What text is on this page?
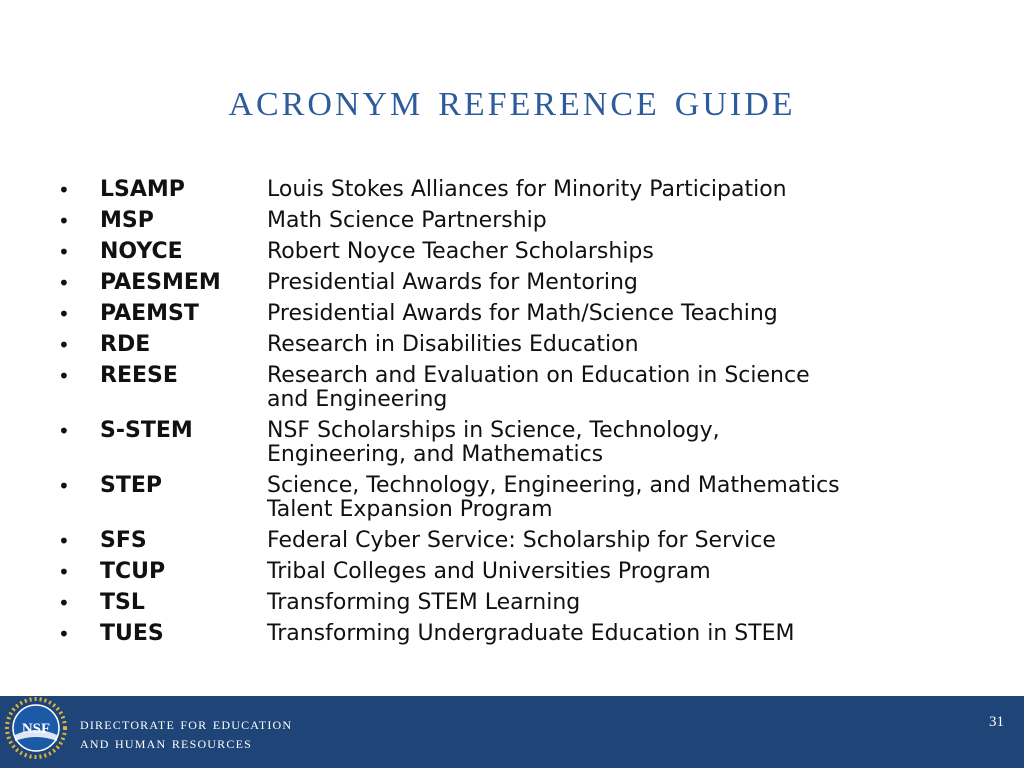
acronym reference guide
• LSAMP	Louis Stokes Alliances for Minority Participation
• MSP	Math Science Partnership
• NOYCE	Robert Noyce Teacher Scholarships
• PAESMEM	Presidential Awards for Mentoring
• PAEMST	Presidential Awards for Math/Science Teaching
• RDE	Research in Disabilities Education
• REESE	Research and Evaluation on Education in Science
and Engineering
• S-STEM	NSF Scholarships in Science, Technology,
Engineering, and Mathematics
• STEP	Science, Technology, Engineering, and Mathematics
Talent Expansion Program
• SFS	Federal Cyber Service: Scholarship for Service
• TCUP	Tribal Colleges and Universities Program
• TSL	Transforming STEM Learning
• TUES	Transforming Undergraduate Education in STEM
NSF directorate for education
and human resources
31
